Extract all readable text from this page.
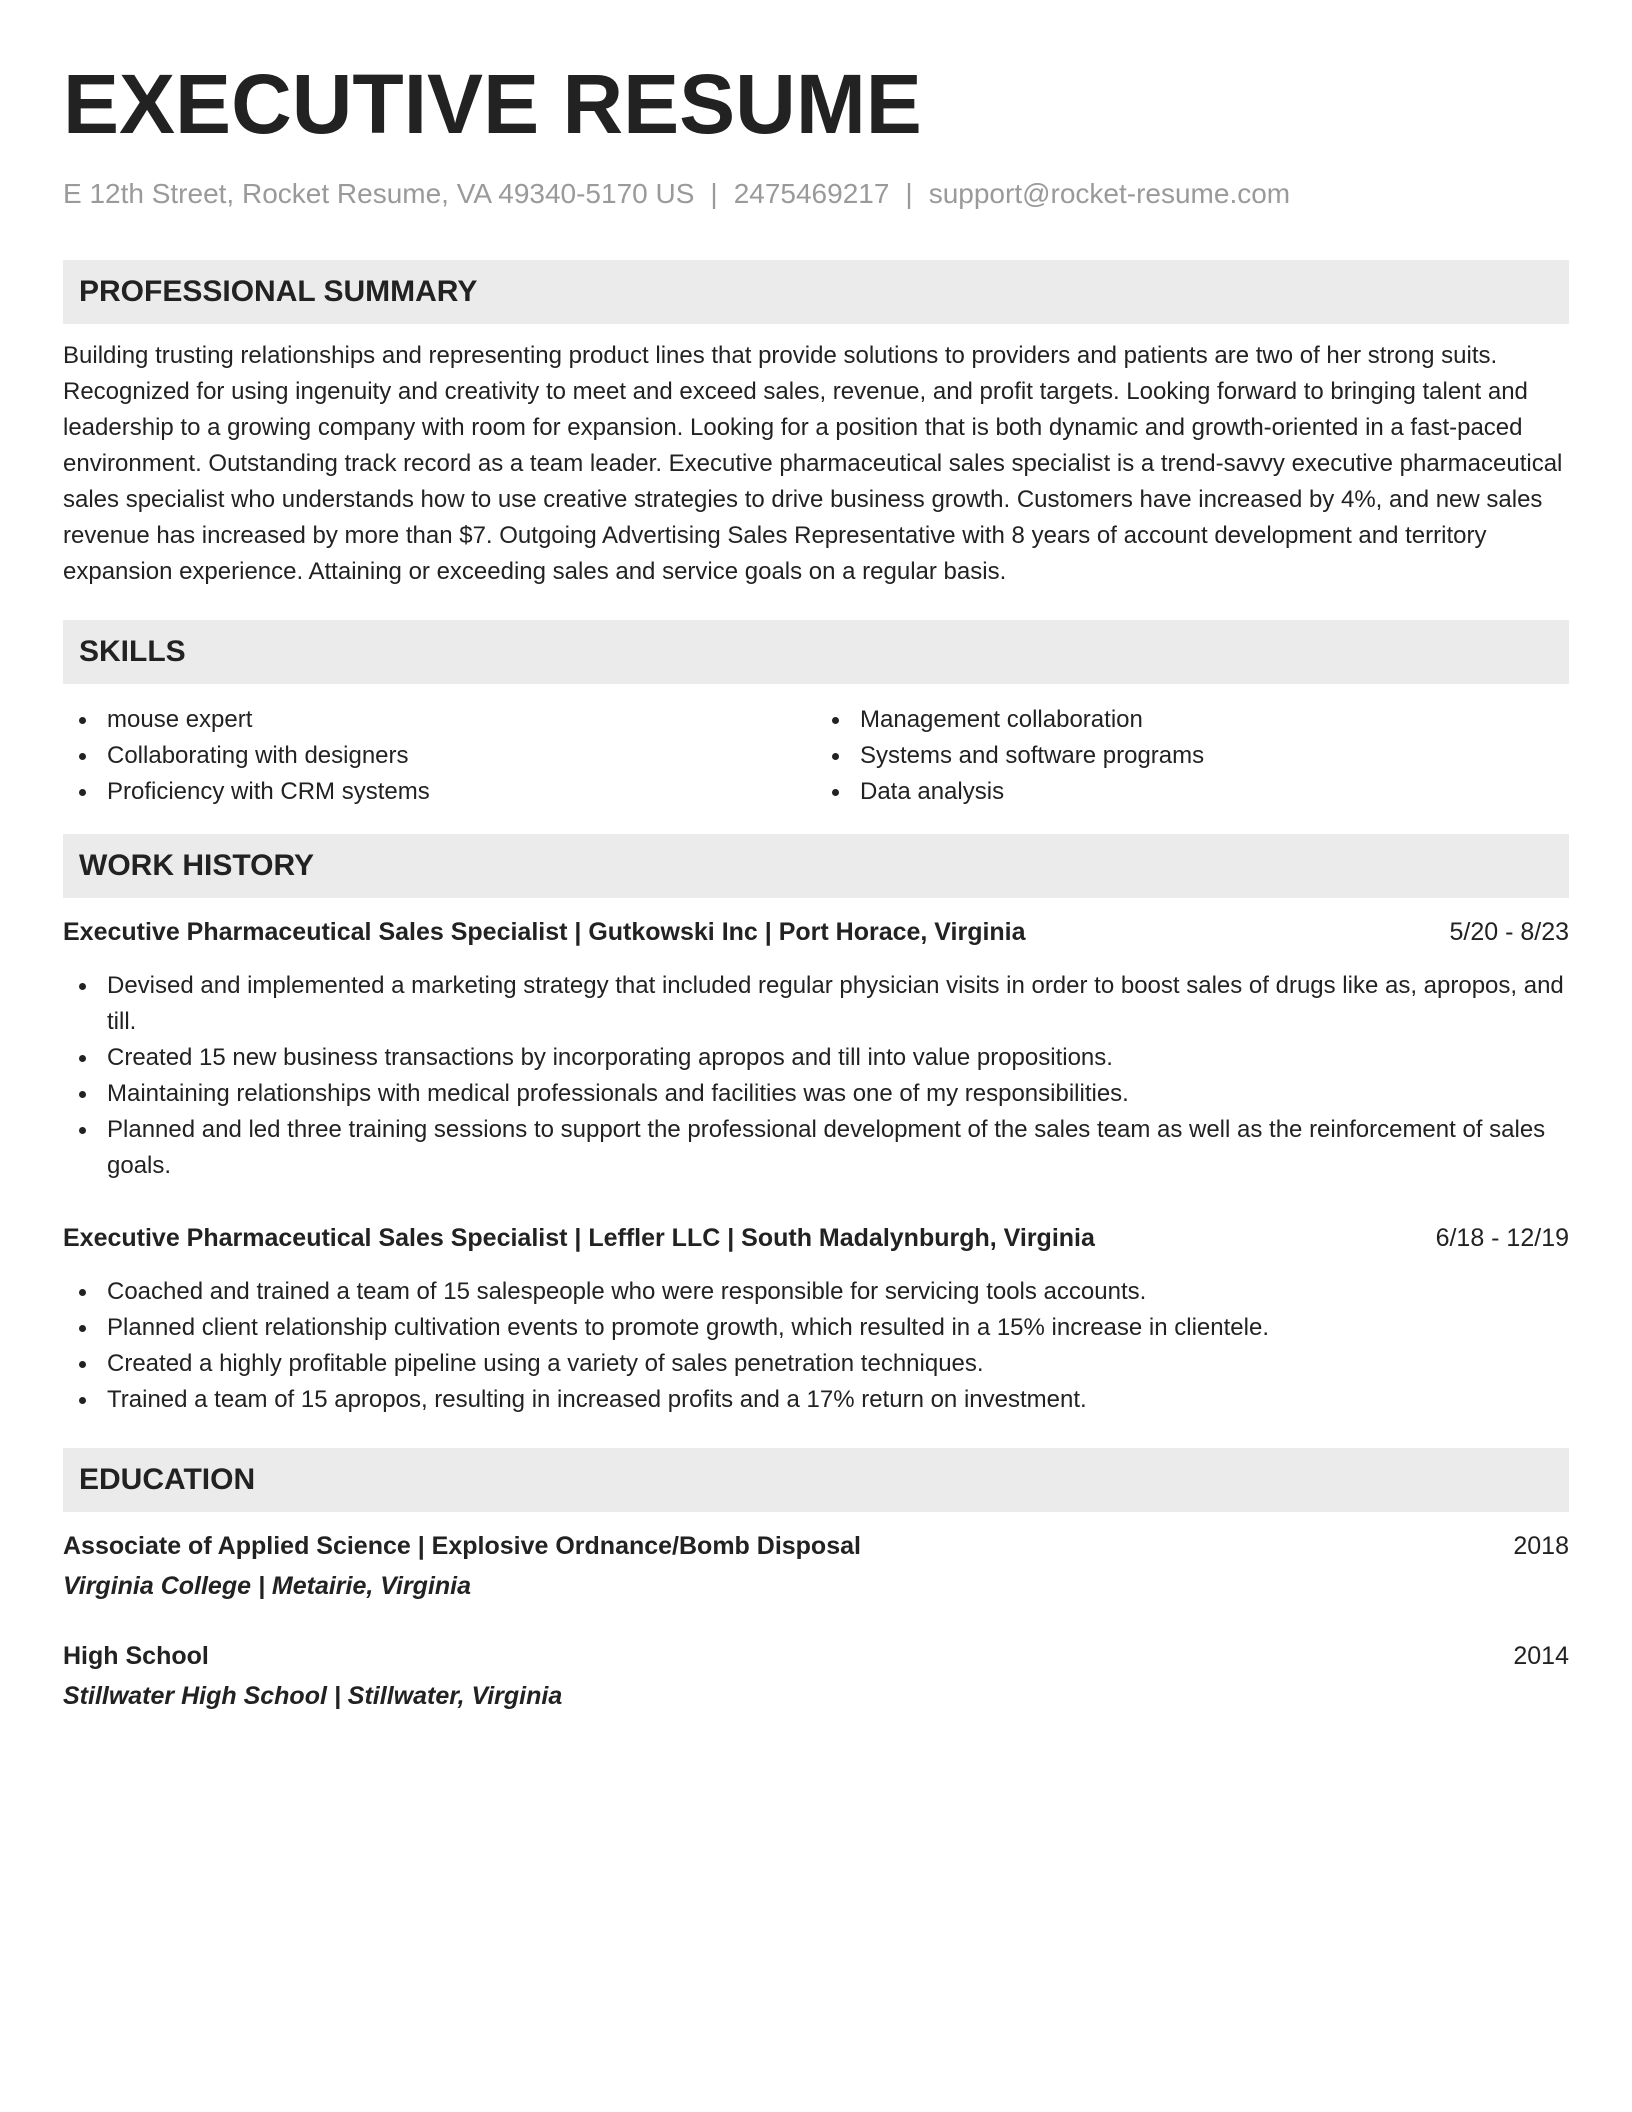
EXECUTIVE RESUME
E 12th Street, Rocket Resume, VA 49340-5170 US | 2475469217 | support@rocket-resume.com
PROFESSIONAL SUMMARY

Building trusting relationships and representing product lines that provide solutions to providers and patients are two of her strong suits. Recognized for using ingenuity and creativity to meet and exceed sales, revenue, and profit targets. Looking forward to bringing talent and leadership to a growing company with room for expansion. Looking for a position that is both dynamic and growth-oriented in a fast-paced environment. Outstanding track record as a team leader. Executive pharmaceutical sales specialist is a trend-savvy executive pharmaceutical sales specialist who understands how to use creative strategies to drive business growth. Customers have increased by 4%, and new sales revenue has increased by more than $7. Outgoing Advertising Sales Representative with 8 years of account development and territory expansion experience. Attaining or exceeding sales and service goals on a regular basis.

SKILLS
mouse expert
Collaborating with designers
Proficiency with CRM systems
Management collaboration
Systems and software programs
Data analysis
WORK HISTORY
Executive Pharmaceutical Sales Specialist | Gutkowski Inc | Port Horace, Virginia	5/20 - 8/23
Devised and implemented a marketing strategy that included regular physician visits in order to boost sales of drugs like as, apropos, and till.
Created 15 new business transactions by incorporating apropos and till into value propositions.
Maintaining relationships with medical professionals and facilities was one of my responsibilities.
Planned and led three training sessions to support the professional development of the sales team as well as the reinforcement of sales goals.
Executive Pharmaceutical Sales Specialist | Leffler LLC | South Madalynburgh, Virginia	6/18 - 12/19
Coached and trained a team of 15 salespeople who were responsible for servicing tools accounts.
Planned client relationship cultivation events to promote growth, which resulted in a 15% increase in clientele.
Created a highly profitable pipeline using a variety of sales penetration techniques.
Trained a team of 15 apropos, resulting in increased profits and a 17% return on investment.
EDUCATION
Associate of Applied Science | Explosive Ordnance/Bomb Disposal	2018
Virginia College | Metairie, Virginia
High School	2014
Stillwater High School | Stillwater, Virginia
